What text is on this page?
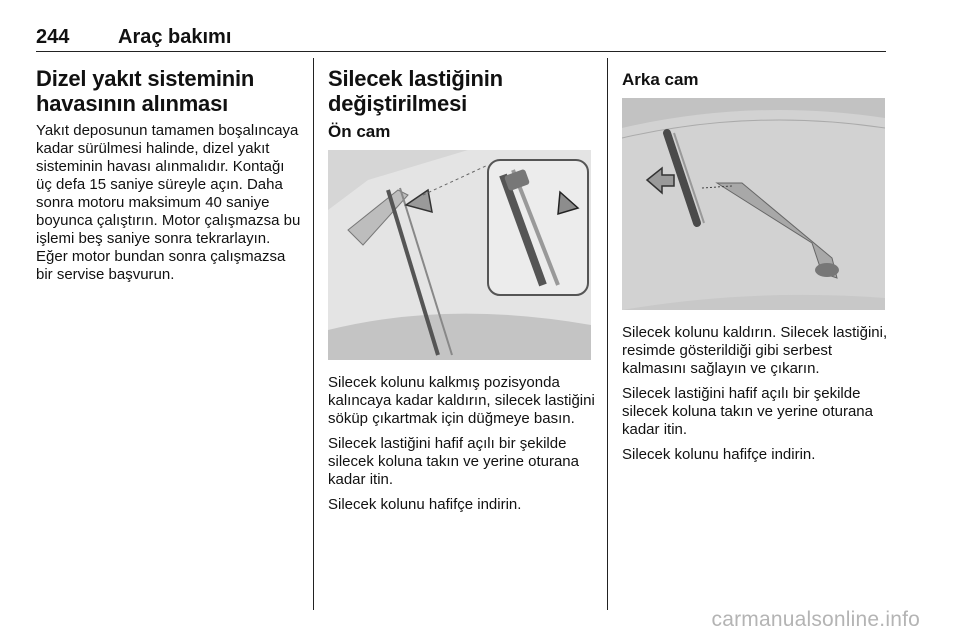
244 Araç bakımı
Dizel yakıt sisteminin havasının alınması

Yakıt deposunun tamamen boşalıncaya kadar sürülmesi halinde, dizel yakıt sisteminin havası alınmalıdır. Kontağı üç defa 15 saniye süreyle açın. Daha sonra motoru maksimum 40 saniye boyunca çalıştırın. Motor çalışmazsa bu işlemi beş saniye sonra tekrarlayın. Eğer motor bundan sonra çalışmazsa bir servise başvurun.

Silecek lastiğinin değiştirilmesi
Ön cam

Silecek kolunu kalkmış pozisyonda kalıncaya kadar kaldırın, silecek lastiğini söküp çıkartmak için düğmeye basın.

Silecek lastiğini hafif açılı bir şekilde silecek koluna takın ve yerine oturana kadar itin.

Silecek kolunu hafifçe indirin.

Arka cam

Silecek kolunu kaldırın. Silecek lastiğini, resimde gösterildiği gibi serbest kalmasını sağlayın ve çıkarın.

Silecek lastiğini hafif açılı bir şekilde silecek koluna takın ve yerine oturana kadar itin.

Silecek kolunu hafifçe indirin.

carmanualsonline.info
